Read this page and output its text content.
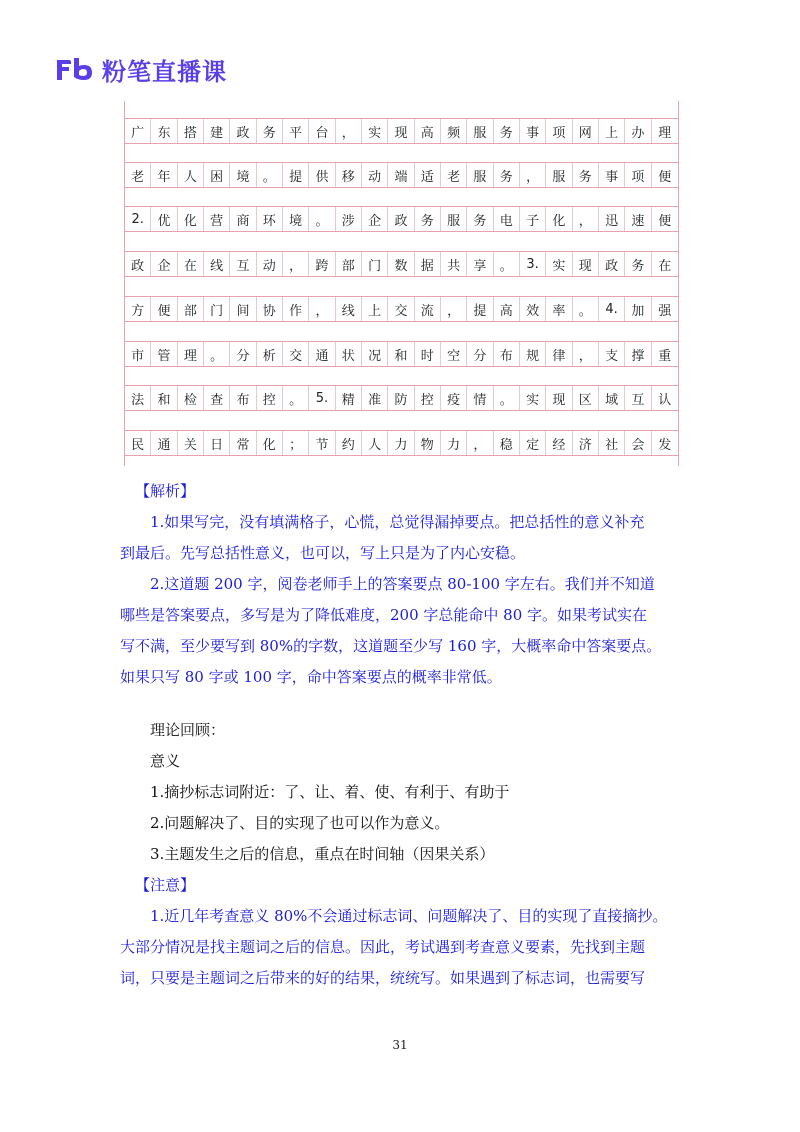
粉笔直播课
广	东	搭	建	政	务	平	台	，	实	现	高	频	服	务	事	项	网	上	办	理
老	年	人	困	境	。	提	供	移	动	端	适	老	服	务	，	服	务	事	项	便
2.	优	化	营	商	环	境	。	涉	企	政	务	服	务	电	子	化	，	迅	速	便
政	企	在	线	互	动	，	跨	部	门	数	据	共	享	。	3.	实	现	政	务	在
方	便	部	门	间	协	作	，	线	上	交	流	，	提	高	效	率	。	4.	加	强
市	管	理	。	分	析	交	通	状	况	和	时	空	分	布	规	律	，	支	撑	重
法	和	检	查	布	控	。	5.	精	准	防	控	疫	情	。	实	现	区	域	互	认
民	通	关	日	常	化	；	节	约	人	力	物	力	，	稳	定	经	济	社	会	发
【解析】
1.如果写完，没有填满格子，心慌，总觉得漏掉要点。把总括性的意义补充
到最后。先写总括性意义，也可以，写上只是为了内心安稳。
2.这道题 200 字，阅卷老师手上的答案要点 80-100 字左右。我们并不知道
哪些是答案要点，多写是为了降低难度，200 字总能命中 80 字。如果考试实在
写不满，至少要写到 80%的字数，这道题至少写 160 字，大概率命中答案要点。
如果只写 80 字或 100 字，命中答案要点的概率非常低。
理论回顾：
意义
1.摘抄标志词附近：了、让、着、使、有利于、有助于
2.问题解决了、目的实现了也可以作为意义。
3.主题发生之后的信息，重点在时间轴（因果关系）
【注意】
1.近几年考查意义 80%不会通过标志词、问题解决了、目的实现了直接摘抄。
大部分情况是找主题词之后的信息。因此，考试遇到考查意义要素，先找到主题
词，只要是主题词之后带来的好的结果，统统写。如果遇到了标志词，也需要写
31
